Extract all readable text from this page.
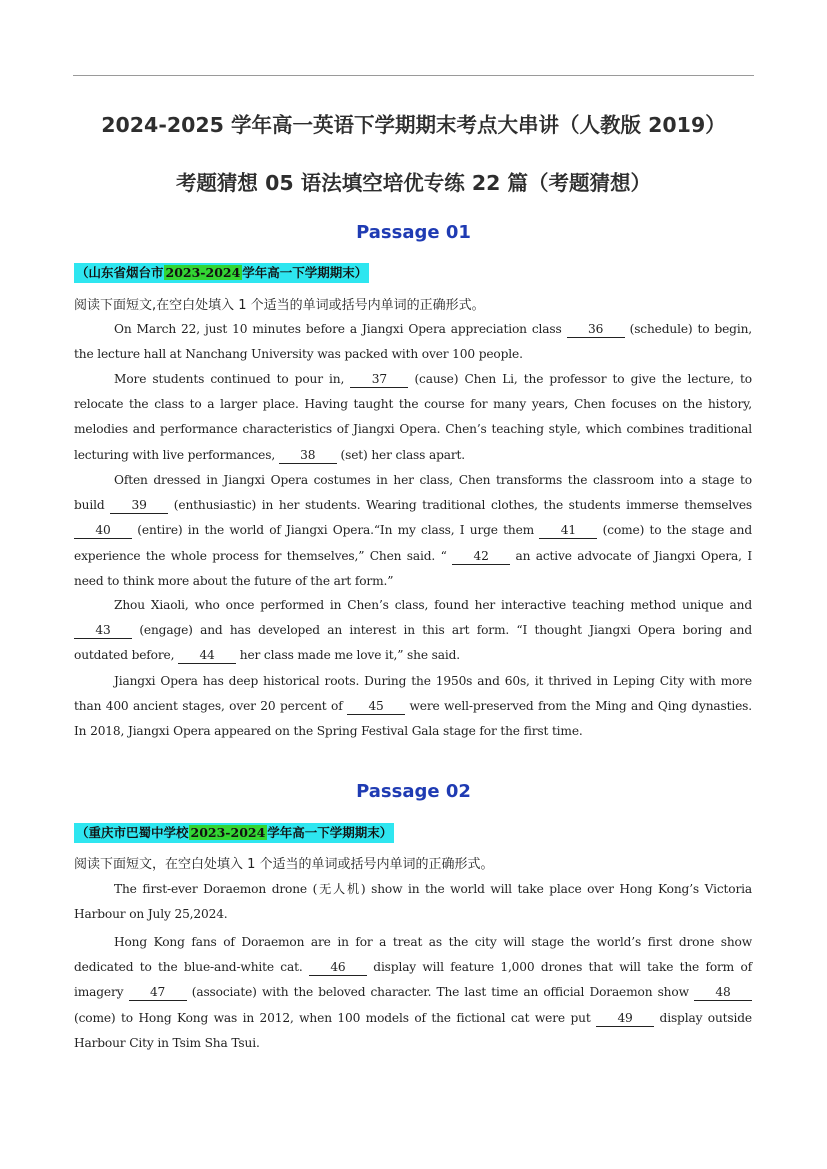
2024-2025 学年高一英语下学期期末考点大串讲（人教版 2019）
考题猜想 05 语法填空培优专练 22 篇（考题猜想）
Passage 01
（山东省烟台市 2023-2024 学年高一下学期期末）
阅读下面短文,在空白处填入 1 个适当的单词或括号内单词的正确形式。
On March 22, just 10 minutes before a Jiangxi Opera appreciation class 36 (schedule) to begin, the lecture hall at Nanchang University was packed with over 100 people.
More students continued to pour in, 37 (cause) Chen Li, the professor to give the lecture, to relocate the class to a larger place. Having taught the course for many years, Chen focuses on the history, melodies and performance characteristics of Jiangxi Opera. Chen’s teaching style, which combines traditional lecturing with live performances, 38 (set) her class apart.
Often dressed in Jiangxi Opera costumes in her class, Chen transforms the classroom into a stage to build 39 (enthusiastic) in her students. Wearing traditional clothes, the students immerse themselves 40 (entire) in the world of Jiangxi Opera.“In my class, I urge them 41 (come) to the stage and experience the whole process for themselves,” Chen said. “ 42 an active advocate of Jiangxi Opera, I need to think more about the future of the art form.”
Zhou Xiaoli, who once performed in Chen’s class, found her interactive teaching method unique and 43 (engage) and has developed an interest in this art form. “I thought Jiangxi Opera boring and outdated before, 44 her class made me love it,” she said.
Jiangxi Opera has deep historical roots. During the 1950s and 60s, it thrived in Leping City with more than 400 ancient stages, over 20 percent of 45 were well-preserved from the Ming and Qing dynasties. In 2018, Jiangxi Opera appeared on the Spring Festival Gala stage for the first time.
Passage 02
（重庆市巴蜀中学校 2023-2024 学年高一下学期期末）
阅读下面短文，在空白处填入 1 个适当的单词或括号内单词的正确形式。
The first-ever Doraemon drone (无人机) show in the world will take place over Hong Kong’s Victoria Harbour on July 25,2024.
Hong Kong fans of Doraemon are in for a treat as the city will stage the world’s first drone show dedicated to the blue-and-white cat. 46 display will feature 1,000 drones that will take the form of imagery 47 (associate) with the beloved character. The last time an official Doraemon show 48 (come) to Hong Kong was in 2012, when 100 models of the fictional cat were put 49 display outside Harbour City in Tsim Sha Tsui.
